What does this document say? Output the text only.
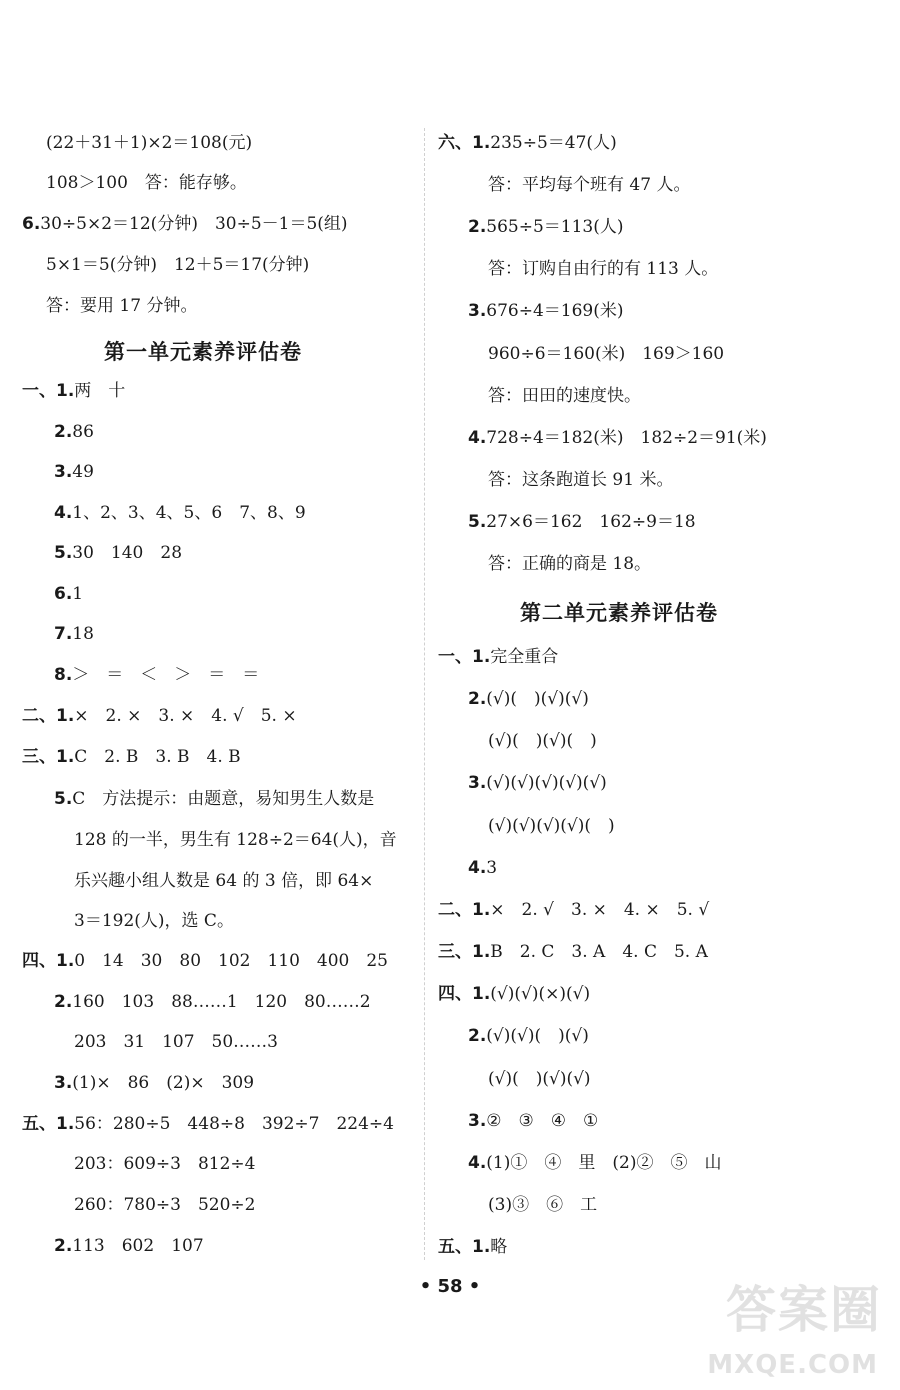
(22＋31＋1)×2＝108(元)
108＞100　答：能存够。
6.30÷5×2＝12(分钟)　30÷5－1＝5(组)
5×1＝5(分钟)　12＋5＝17(分钟)
答：要用 17 分钟。
一、1.两　十
2.86
3.49
4.1、2、3、4、5、6　7、8、9
5.30　140　28
6.1
7.18
8.＞　＝　＜　＞　＝　＝
二、1.×　2. ×　3. ×　4. √　5. ×
三、1.C　2. B　3. B　4. B
5.C　方法提示：由题意，易知男生人数是
128 的一半，男生有 128÷2＝64(人)，音
乐兴趣小组人数是 64 的 3 倍，即 64×
3＝192(人)，选 C。
四、1.0　14　30　80　102　110　400　25
2.160　103　88……1　120　80……2
203　31　107　50……3
3.(1)×　86　(2)×　309
五、1.56：280÷5　448÷8　392÷7　224÷4
203：609÷3　812÷4
260：780÷3　520÷2
2.113　602　107
六、1.235÷5＝47(人)
答：平均每个班有 47 人。
2.565÷5＝113(人)
答：订购自由行的有 113 人。
3.676÷4＝169(米)
960÷6＝160(米)　169＞160
答：田田的速度快。
4.728÷4＝182(米)　182÷2＝91(米)
答：这条跑道长 91 米。
5.27×6＝162　162÷9＝18
答：正确的商是 18。
一、1.完全重合
2.(√)(　)(√)(√)
(√)(　)(√)(　)
3.(√)(√)(√)(√)(√)
(√)(√)(√)(√)(　)
4.3
二、1.×　2. √　3. ×　4. ×　5. √
三、1.B　2. C　3. A　4. C　5. A
四、1.(√)(√)(×)(√)
2.(√)(√)(　)(√)
(√)(　)(√)(√)
3.②　③　④　①
4.(1)①　④　里　(2)②　⑤　山
(3)③　⑥　工
五、1.略
第一单元素养评估卷
第二单元素养评估卷
• 58 •	答案圈
MXQE.COM
